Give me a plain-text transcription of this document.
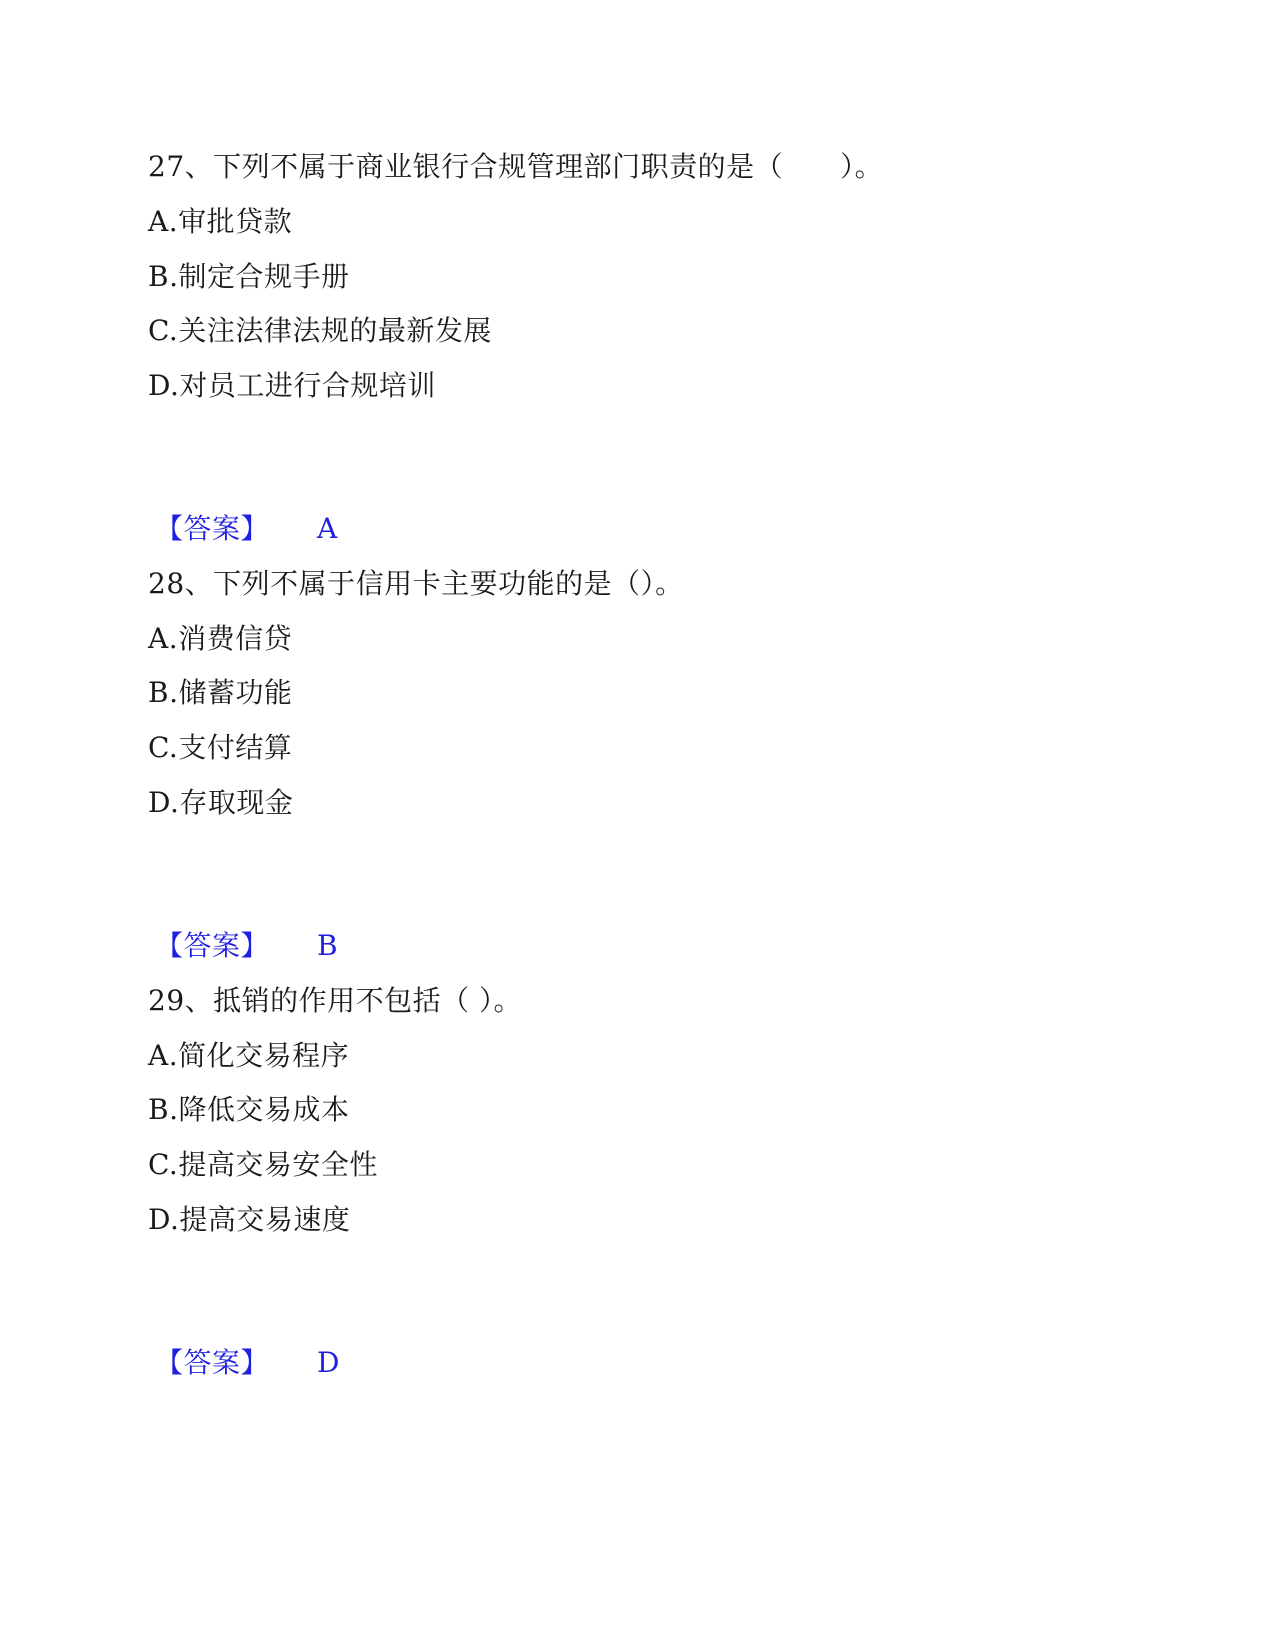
27、下列不属于商业银行合规管理部门职责的是（　　）。
A.审批贷款
B.制定合规手册
C.关注法律法规的最新发展
D.对员工进行合规培训
【答案】 A
28、下列不属于信用卡主要功能的是（）。
A.消费信贷
B.储蓄功能
C.支付结算
D.存取现金
【答案】 B
29、抵销的作用不包括（ ）。
A.简化交易程序
B.降低交易成本
C.提高交易安全性
D.提高交易速度
【答案】 D
